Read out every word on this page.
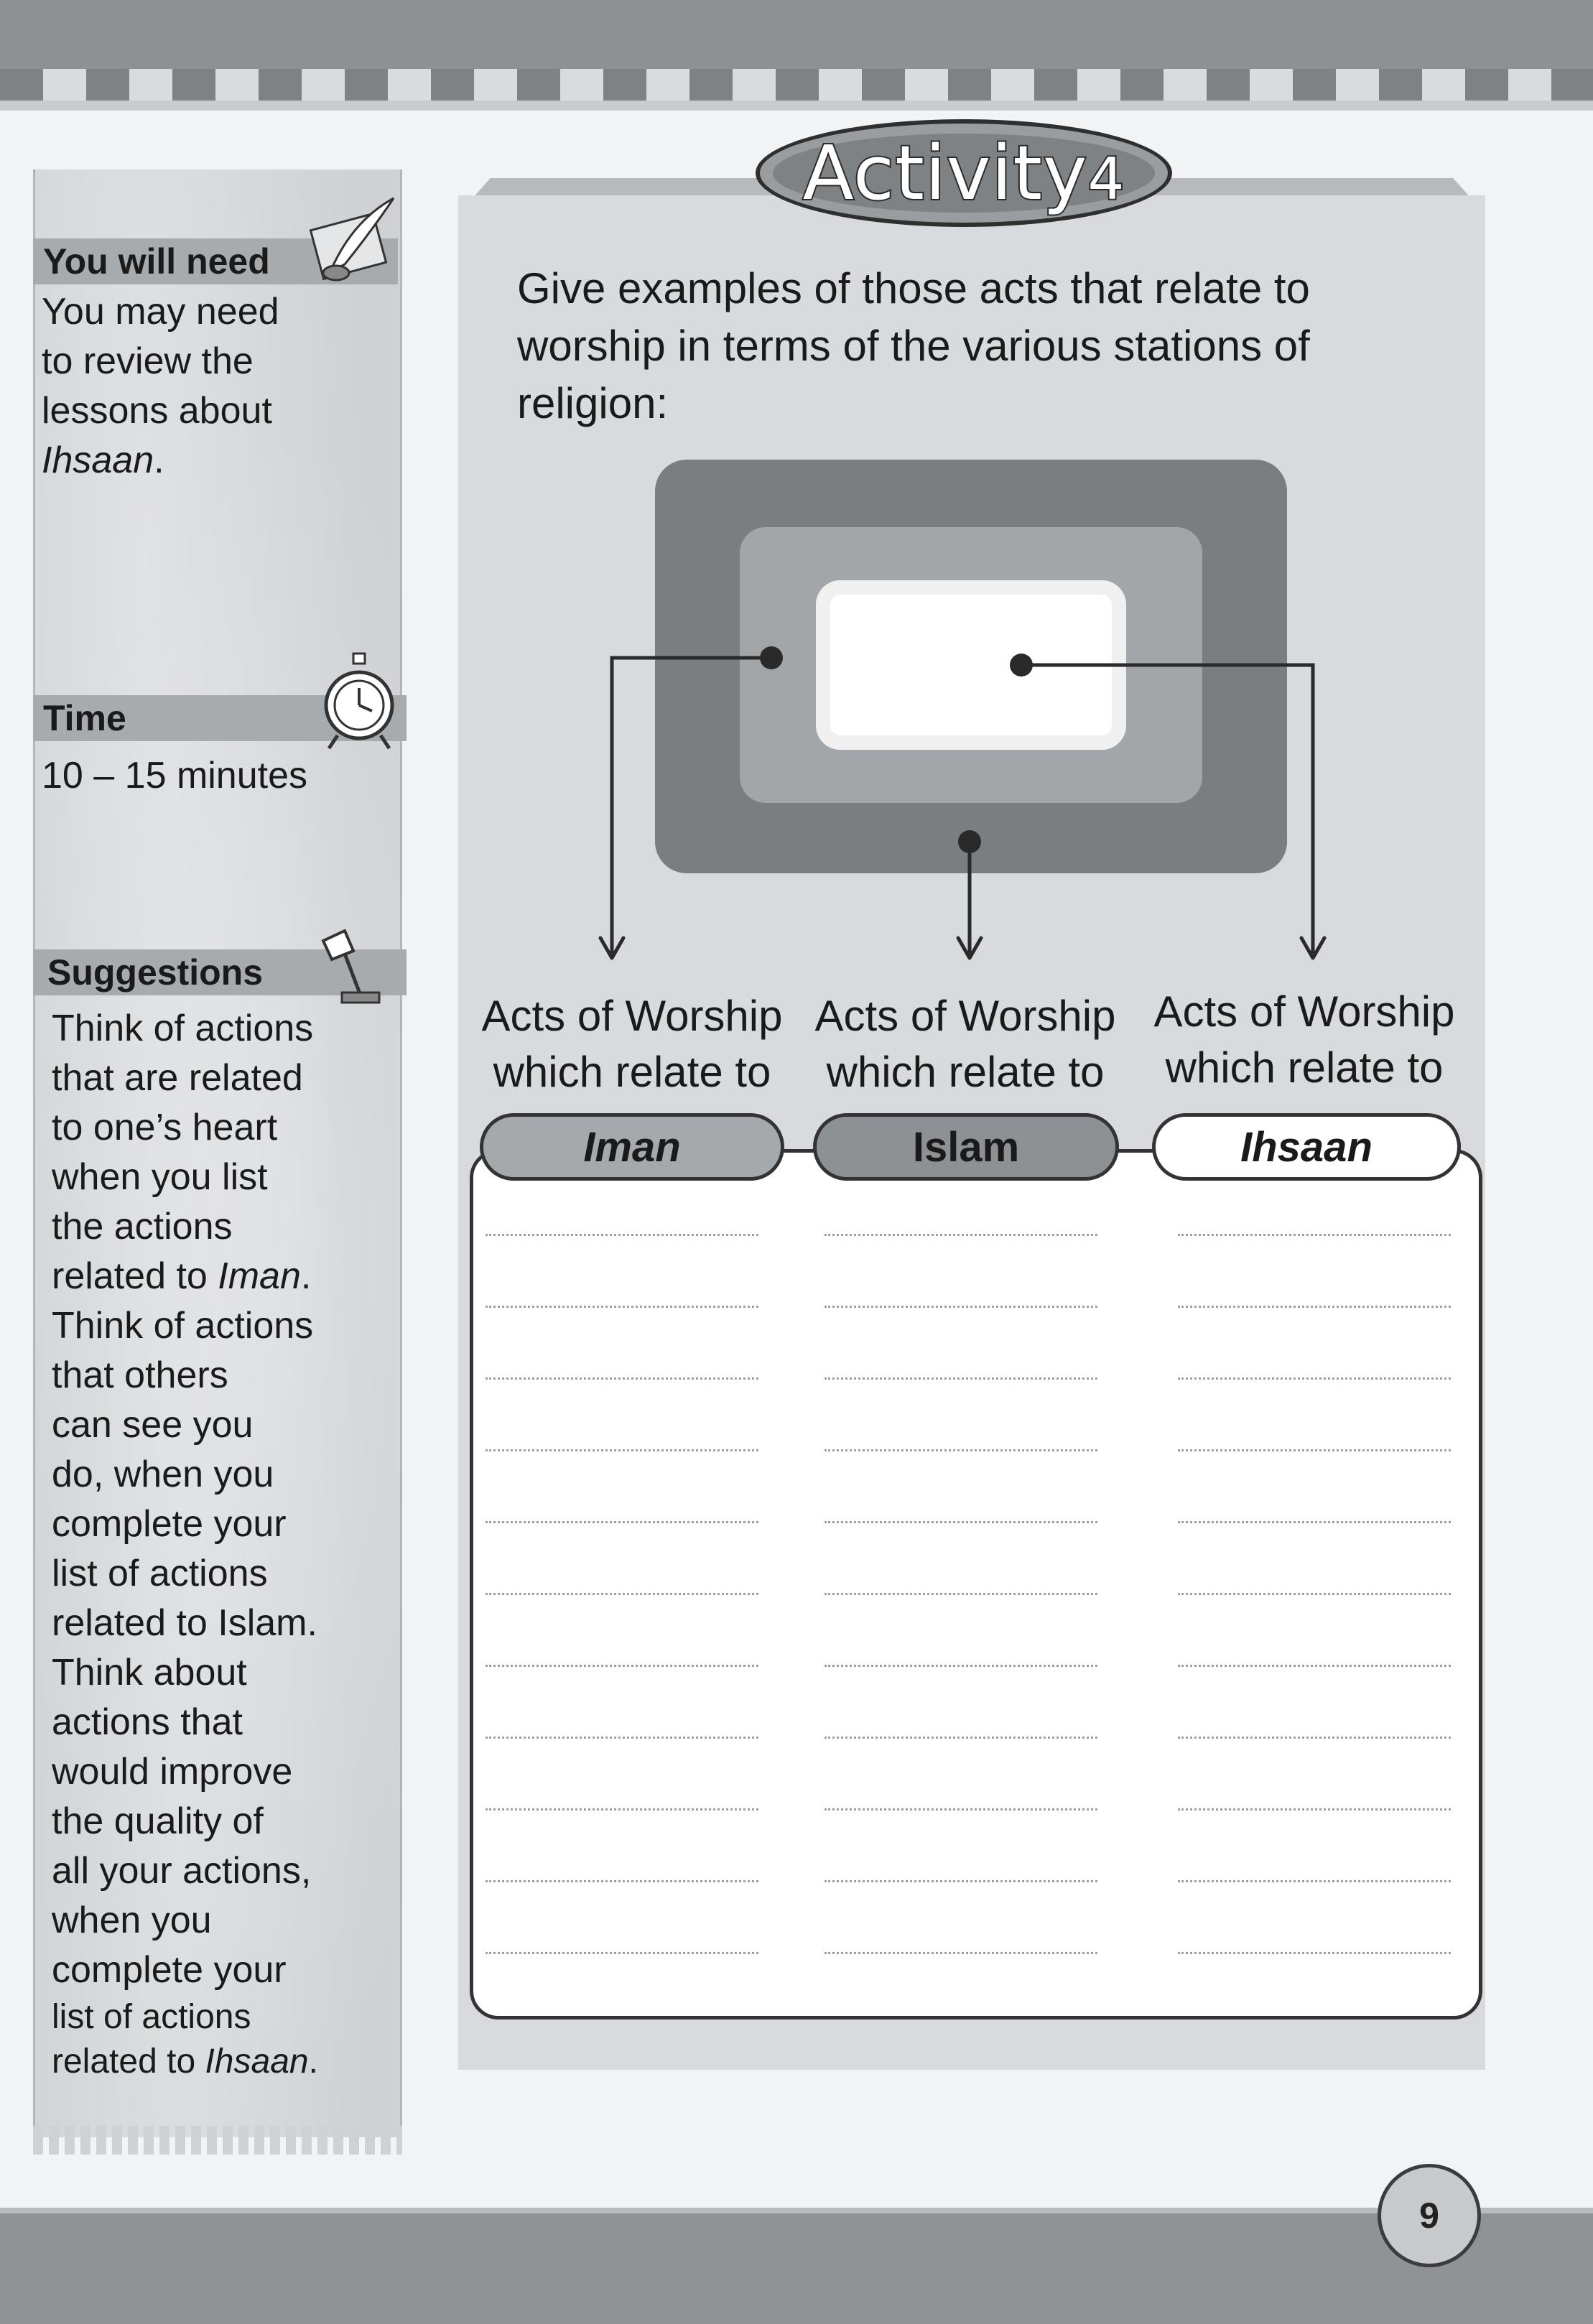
You will need
You may need
to review the
lessons about
Ihsaan.
Time
10 – 15 minutes
Suggestions
Think of actions
that are related
to one’s heart
when you list
the actions
related to Iman.
Think of actions
that others
can see you
do, when you
complete your
list of actions
related to Islam.
Think about
actions that
would improve
the quality of
all your actions,
when you
complete your
list of actions
related to Ihsaan.
Activity4
Give examples of those acts that relate to worship in terms of the various stations of religion:
Acts of Worship
which relate to
Acts of Worship
which relate to
Acts of Worship
which relate to
Iman	Islam	Ihsaan
9
